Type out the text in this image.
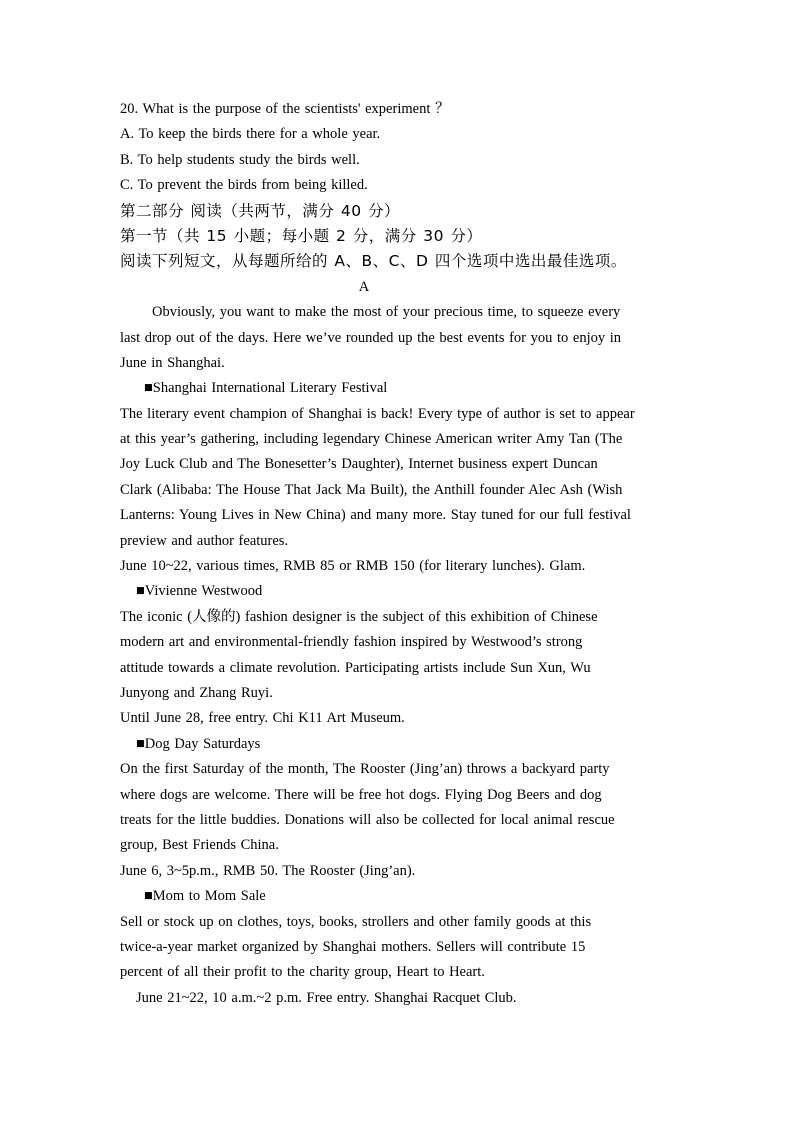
20. What is the purpose of the scientists' experiment ？
A. To keep the birds there for a whole year.
B. To help students study the birds well.
C. To prevent the birds from being killed.
第二部分 阅读（共两节，满分 40 分）
第一节（共 15 小题；每小题 2 分，满分 30 分）
阅读下列短文，从每题所给的 A、B、C、D 四个选项中选出最佳选项。
A
Obviously, you want to make the most of your precious time, to squeeze every
last drop out of the days. Here we’ve rounded up the best events for you to enjoy in
June in Shanghai.
■Shanghai International Literary Festival
The literary event champion of Shanghai is back! Every type of author is set to appear
at this year’s gathering, including legendary Chinese American writer Amy Tan (The
Joy Luck Club and The Bonesetter’s Daughter), Internet business expert Duncan
Clark (Alibaba: The House That Jack Ma Built), the Anthill founder Alec Ash (Wish
Lanterns: Young Lives in New China) and many more. Stay tuned for our full festival
preview and author features.
June 10~22, various times, RMB 85 or RMB 150 (for literary lunches). Glam.
■Vivienne Westwood
The iconic (人像的) fashion designer is the subject of this exhibition of Chinese
modern art and environmental-friendly fashion inspired by Westwood’s strong
attitude towards a climate revolution. Participating artists include Sun Xun, Wu
Junyong and Zhang Ruyi.
Until June 28, free entry. Chi K11 Art Museum.
■Dog Day Saturdays
On the first Saturday of the month, The Rooster (Jing’an) throws a backyard party
where dogs are welcome. There will be free hot dogs. Flying Dog Beers and dog
treats for the little buddies. Donations will also be collected for local animal rescue
group, Best Friends China.
June 6, 3~5p.m., RMB 50. The Rooster (Jing’an).
■Mom to Mom Sale
Sell or stock up on clothes, toys, books, strollers and other family goods at this
twice-a-year market organized by Shanghai mothers. Sellers will contribute 15
percent of all their profit to the charity group, Heart to Heart.
June 21~22, 10 a.m.~2 p.m. Free entry. Shanghai Racquet Club.
